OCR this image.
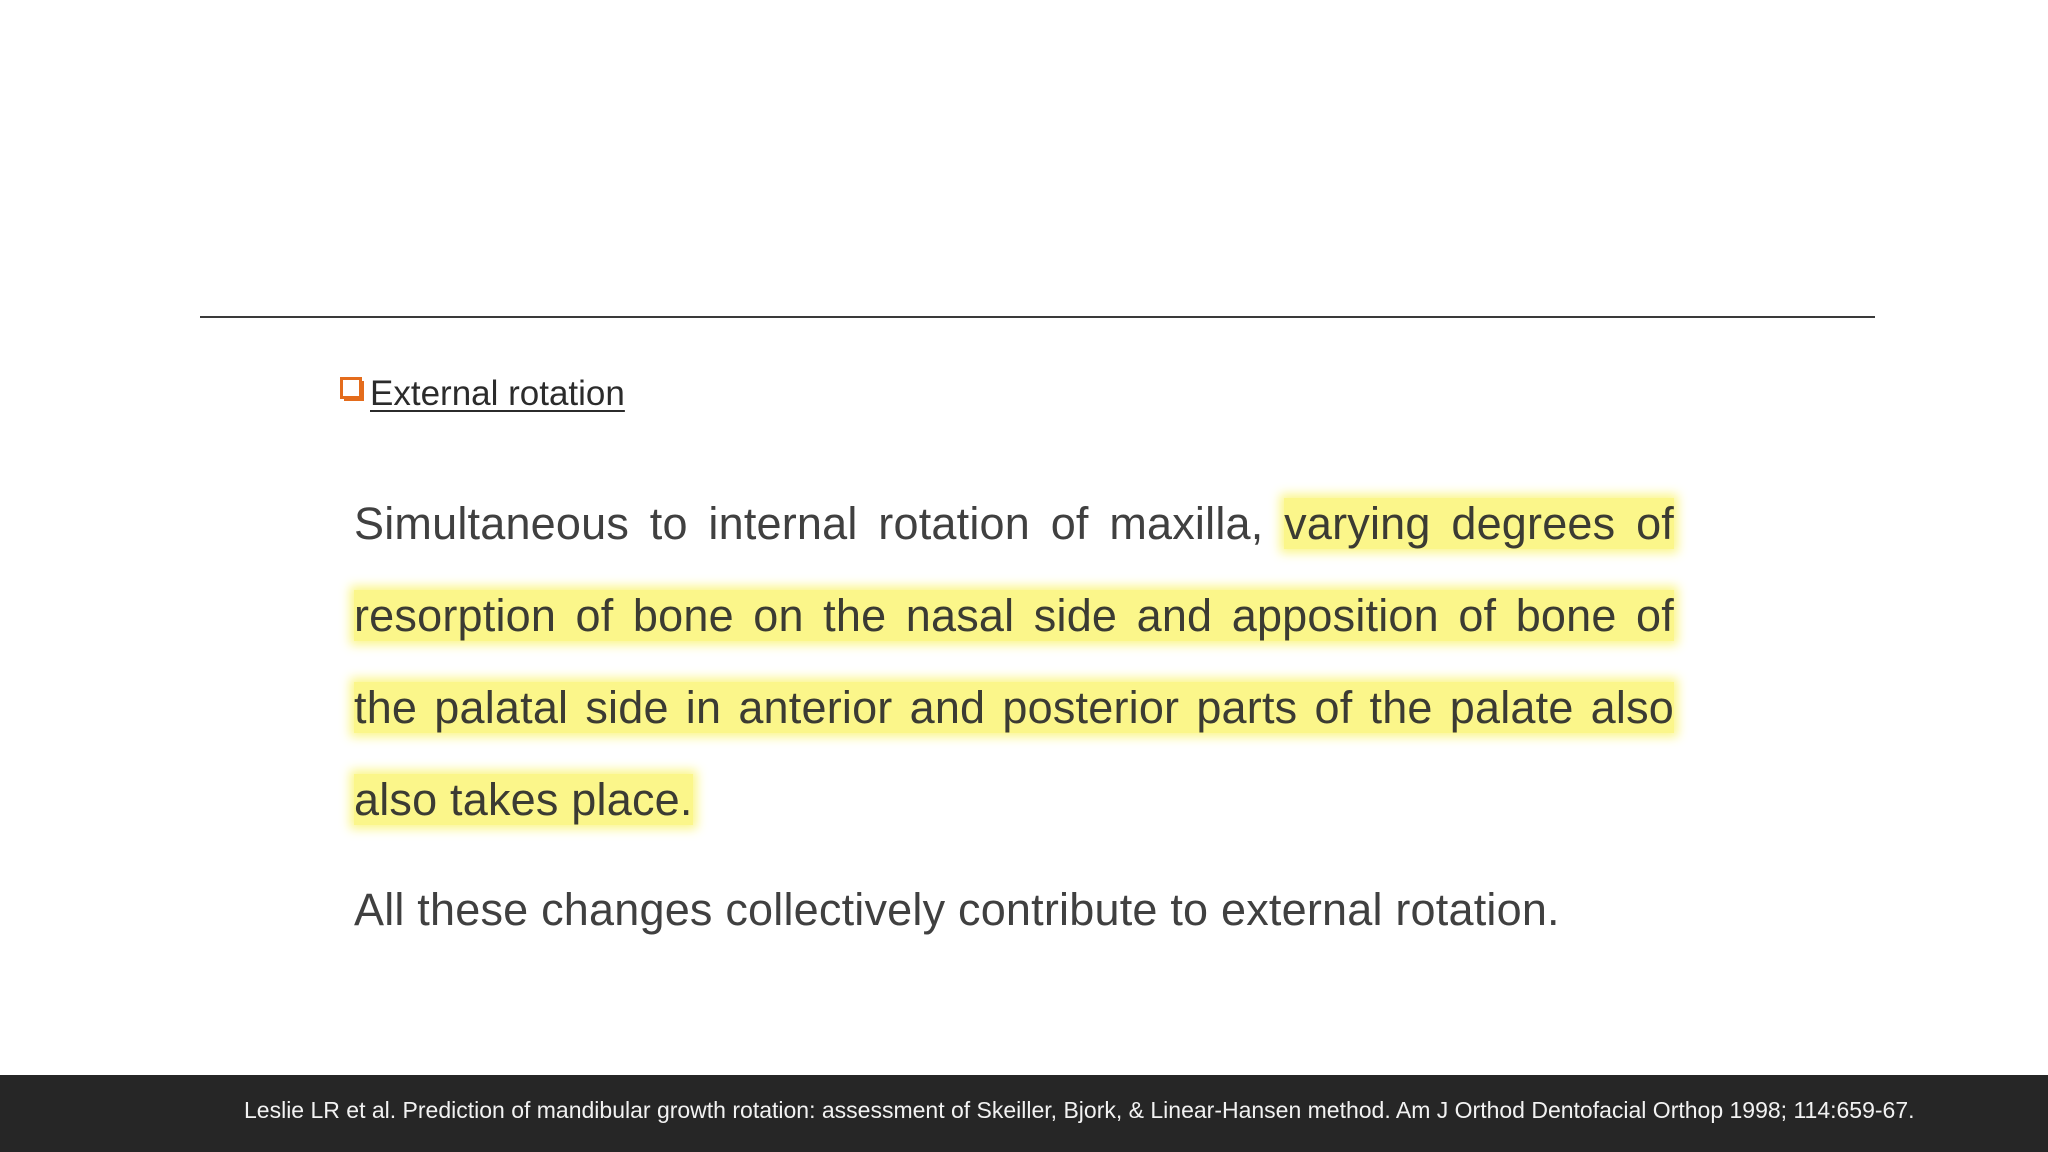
External rotation
Simultaneous to internal rotation of maxilla, varying degrees of resorption of bone on the nasal side and apposition of bone of the palatal side in anterior and posterior parts of the palate also also takes place.
All these changes collectively contribute to external rotation.
Leslie LR et al. Prediction of mandibular growth rotation: assessment of Skeiller, Bjork, & Linear-Hansen method. Am J Orthod Dentofacial Orthop 1998; 114:659-67.
